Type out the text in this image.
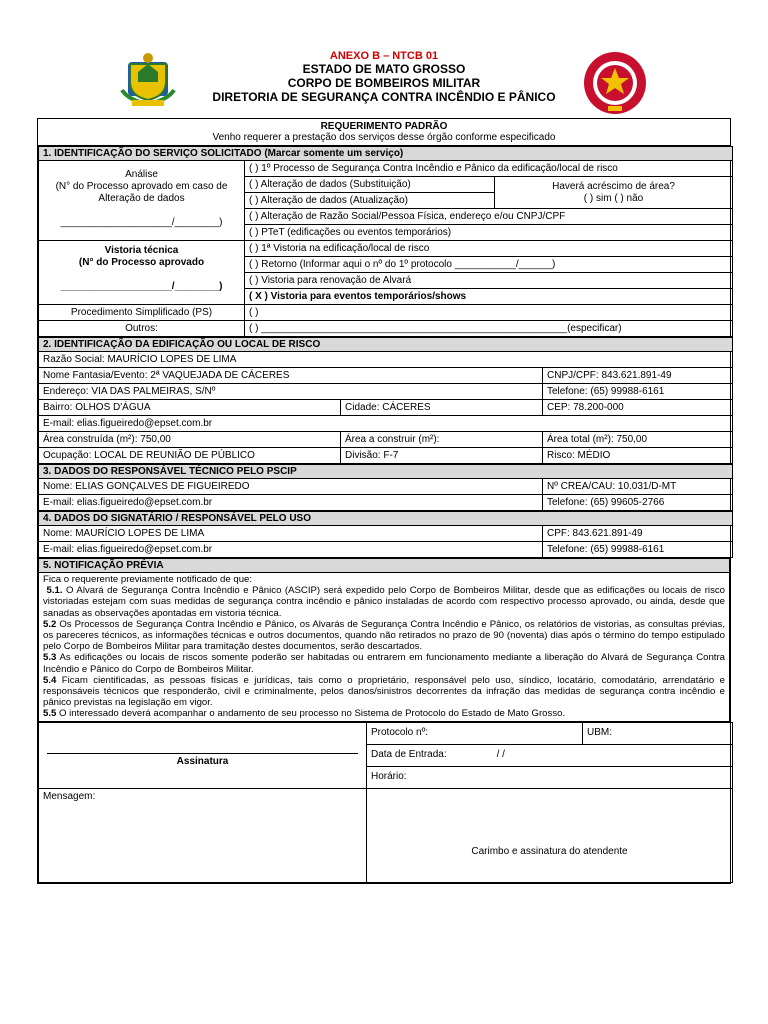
ANEXO B – NTCB 01
ESTADO DE MATO GROSSO
CORPO DE BOMBEIROS MILITAR
DIRETORIA DE SEGURANÇA CONTRA INCÊNDIO E PÂNICO
REQUERIMENTO PADRÃO
Venho requerer a prestação dos serviços desse órgão conforme especificado
1. IDENTIFICAÇÃO DO SERVIÇO SOLICITADO (Marcar somente um serviço)		

Análise
(N° do Processo aprovado em caso de Alteração de dados
____________________/________)	( ) 1º Processo de Segurança Contra Incêndio e Pânico da edificação/local de risco	
	( ) Alteração de dados (Substituição)	Haverá acréscimo de área?
( ) sim ( ) não

	( ) Alteração de dados (Atualização)	
	( ) Alteração de Razão Social/Pessoa Física, endereço e/ou CNPJ/CPF	
	( ) PTeT (edificações ou eventos temporários)	

Vistoria técnica
(N° do Processo aprovado
____________________/________)	( ) 1ª Vistoria na edificação/local de risco	
	( ) Retorno (Informar aqui o nº do 1º protocolo ___________/______)	
	( ) Vistoria para renovação de Alvará	
	( X ) Vistoria para eventos temporários/shows	
Procedimento Simplificado (PS)	( )	
Outros:	( ) _______________________________________________________(especificar)	
2. IDENTIFICAÇÃO DA EDIFICAÇÃO OU LOCAL DE RISCO		
Razão Social: MAURÍCIO LOPES DE LIMA		
Nome Fantasia/Evento: 2ª VAQUEJADA DE CÁCERES		CNPJ/CPF: 843.621.891-49
Endereço: VIA DAS PALMEIRAS, S/Nº		Telefone: (65) 99988-6161
Bairro: OLHOS D'ÁGUA	Cidade: CÁCERES	CEP: 78.200-000
E-mail: elias.figueiredo@epset.com.br		
Área construída (m²): 750,00	Área a construir (m²):	Área total (m²): 750,00
Ocupação: LOCAL DE REUNIÃO DE PÚBLICO	Divisão: F-7	Risco: MÉDIO
3. DADOS DO RESPONSÁVEL TÉCNICO PELO PSCIP	
Nome: ELIAS GONÇALVES DE FIGUEIREDO	Nº CREA/CAU: 10.031/D-MT
E-mail: elias.figueiredo@epset.com.br	Telefone: (65) 99605-2766
4. DADOS DO SIGNATÁRIO / RESPONSÁVEL PELO USO	
Nome: MAURÍCIO LOPES DE LIMA	CPF: 843.621.891-49
E-mail: elias.figueiredo@epset.com.br	Telefone: (65) 99988-6161
5. NOTIFICAÇÃO PRÉVIA

Fica o requerente previamente notificado de que:
5.1. O Alvará de Segurança Contra Incêndio e Pânico (ASCIP) será expedido pelo Corpo de Bombeiros Militar, desde que as edificações ou locais de risco vistoriadas estejam com suas medidas de segurança contra incêndio e pânico instaladas de acordo com respectivo processo aprovado, ou ainda, desde que sanadas as observações apontadas em vistoria técnica.
5.2 Os Processos de Segurança Contra Incêndio e Pânico, os Alvarás de Segurança Contra Incêndio e Pânico, os relatórios de vistorias, as consultas prévias, os pareceres técnicos, as informações técnicas e outros documentos, quando não retirados no prazo de 90 (noventa) dias após o término do tempo estipulado pelo Corpo de Bombeiros Militar para tramitação destes documentos, serão descartados.
5.3 As edificações ou locais de riscos somente poderão ser habitadas ou entrarem em funcionamento mediante a liberação do Alvará de Segurança Contra Incêndio e Pânico do Corpo de Bombeiros Militar.
5.4 Ficam cientificadas, as pessoas físicas e jurídicas, tais como o proprietário, responsável pelo uso, síndico, locatário, comodatário, arrendatário e responsáveis técnicos que responderão, civil e criminalmente, pelos danos/sinistros decorrentes da infração das medidas de segurança contra incêndio e pânico previstas na legislação em vigor.
5.5 O interessado deverá acompanhar o andamento de seu processo no Sistema de Protocolo do Estado de Mato Grosso.
Assinatura	Protocolo nº:	UBM:
	Data de Entrada: / /	
	Horário:	
Mensagem:	Carimbo e assinatura do atendente	
